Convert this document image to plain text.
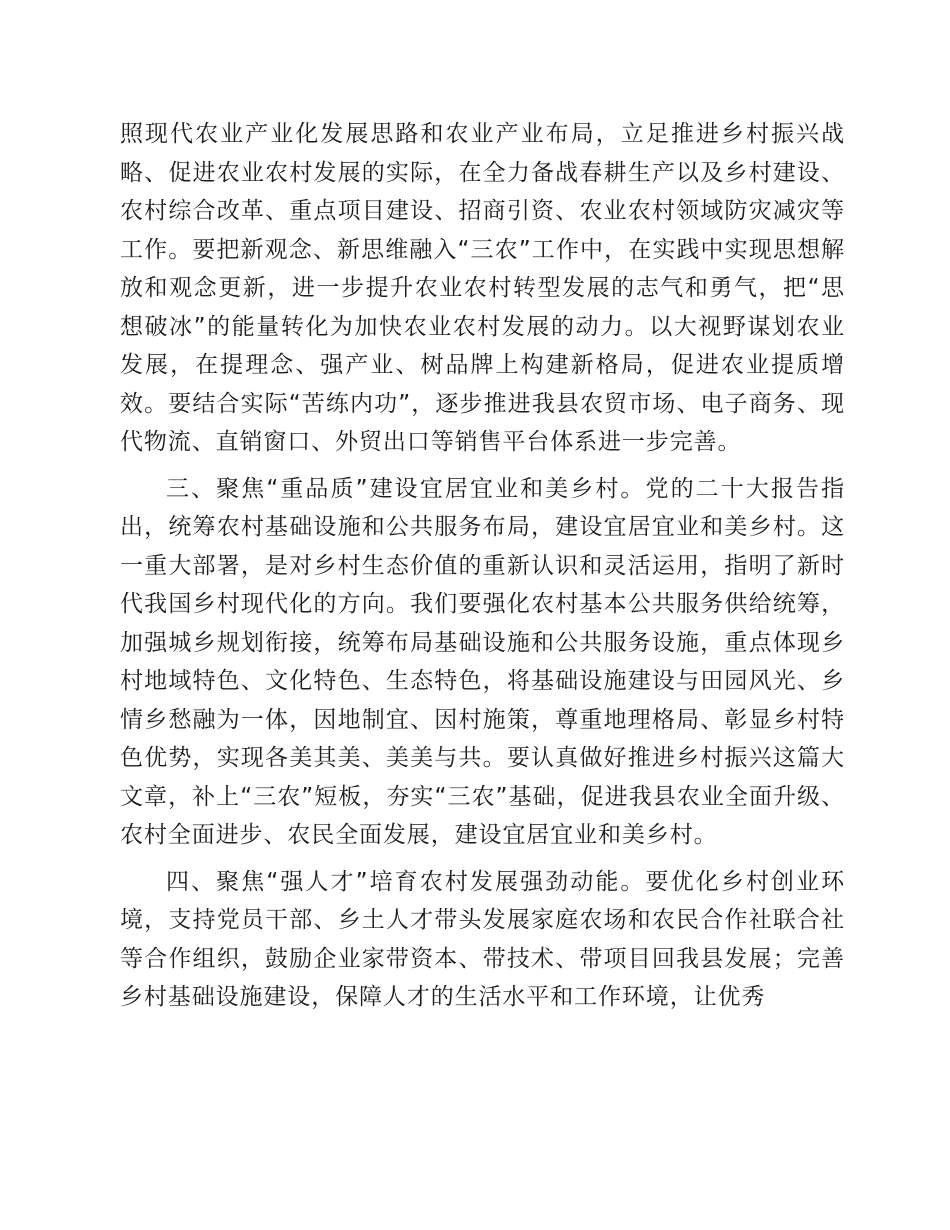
照现代农业产业化发展思路和农业产业布局，立足推进乡村振兴战略、促进农业农村发展的实际，在全力备战春耕生产以及乡村建设、农村综合改革、重点项目建设、招商引资、农业农村领域防灾减灾等工作。要把新观念、新思维融入“三农”工作中，在实践中实现思想解放和观念更新，进一步提升农业农村转型发展的志气和勇气，把“思想破冰”的能量转化为加快农业农村发展的动力。以大视野谋划农业发展，在提理念、强产业、树品牌上构建新格局，促进农业提质增效。要结合实际“苦练内功”，逐步推进我县农贸市场、电子商务、现代物流、直销窗口、外贸出口等销售平台体系进一步完善。

三、聚焦“重品质”建设宜居宜业和美乡村。党的二十大报告指出，统筹农村基础设施和公共服务布局，建设宜居宜业和美乡村。这一重大部署，是对乡村生态价值的重新认识和灵活运用，指明了新时代我国乡村现代化的方向。我们要强化农村基本公共服务供给统筹，加强城乡规划衔接，统筹布局基础设施和公共服务设施，重点体现乡村地域特色、文化特色、生态特色，将基础设施建设与田园风光、乡情乡愁融为一体，因地制宜、因村施策，尊重地理格局、彰显乡村特色优势，实现各美其美、美美与共。要认真做好推进乡村振兴这篇大文章，补上“三农”短板，夯实“三农”基础，促进我县农业全面升级、农村全面进步、农民全面发展，建设宜居宜业和美乡村。

四、聚焦“强人才”培育农村发展强劲动能。要优化乡村创业环境，支持党员干部、乡土人才带头发展家庭农场和农民合作社联合社等合作组织，鼓励企业家带资本、带技术、带项目回我县发展；完善乡村基础设施建设，保障人才的生活水平和工作环境，让优秀
